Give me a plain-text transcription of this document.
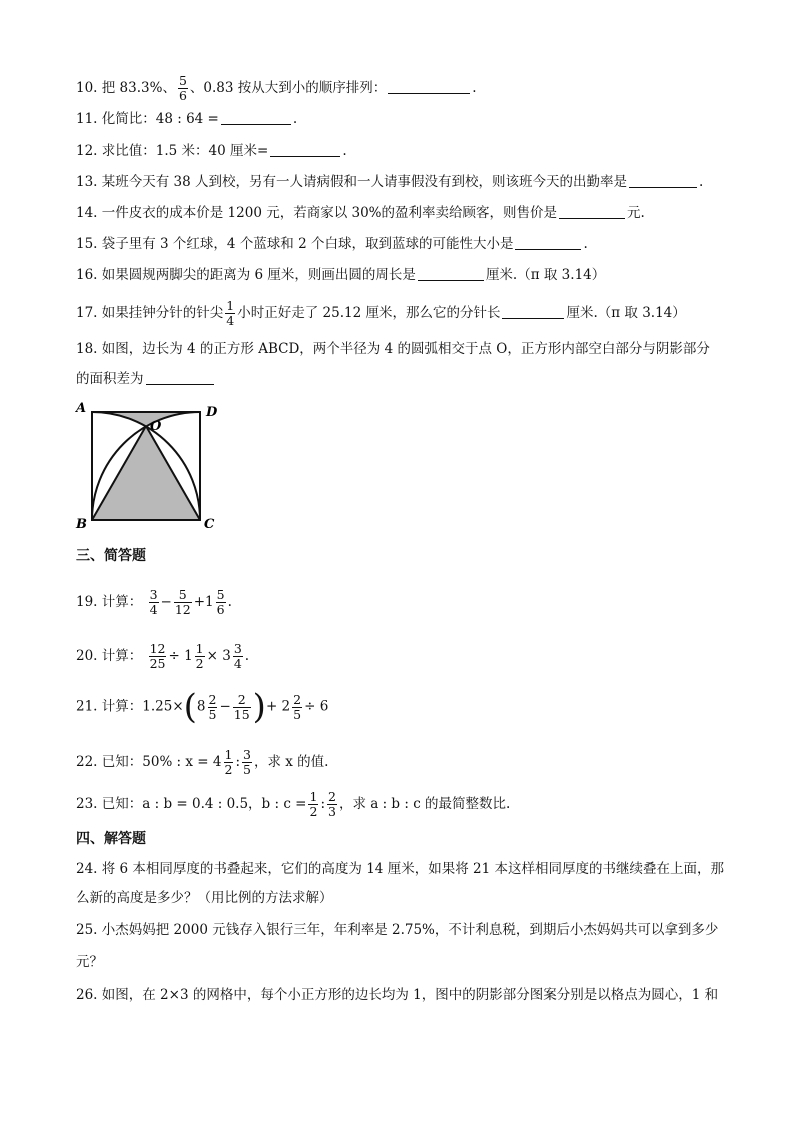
10. 把 83.3%、 $\frac{5}{6}$ 、0.83 按从大到小的顺序排列：	.
11. 化简比：48 : 64 =	.
12. 求比值：1.5 米：40 厘米=	.
13. 某班今天有 38 人到校，另有一人请病假和一人请事假没有到校，则该班今天的出勤率是	.
14. 一件皮衣的成本价是 1200 元，若商家以 30%的盈利率卖给顾客，则售价是	元.
15. 袋子里有 3 个红球，4 个蓝球和 2 个白球，取到蓝球的可能性大小是	.
16. 如果圆规两脚尖的距离为 6 厘米，则画出圆的周长是	厘米.（π 取 3.14）
17. 如果挂钟分针的针尖 $\frac{1}{4}$ 小时正好走了 25.12 厘米，那么它的分针长	厘米.（π 取 3.14）
18. 如图，边长为 4 的正方形 ABCD，两个半径为 4 的圆弧相交于点 O，正方形内部空白部分与阴影部分
的面积差为
A	D
O
B	C
三、简答题
19. 计算： $\frac{3}{4} - \frac{5}{12} +1 \frac{5}{6}$ .
20. 计算： $\frac{12}{25} \div 1 \frac{1}{2} \times 3 \frac{3}{4}$ .
21. 计算：$1.25\times(8 \frac{2}{5} - \frac{2}{15}$ )+ $2 \frac{2}{5} \div 6$
22. 已知：50% : $x = 4 \frac{1}{2}$ : $\frac{3}{5}$ ，求 x 的值.
23. 已知：a : b = 0.4 : 0.5，b : $c = \frac{1}{2}$ : $\frac{2}{3}$ ，求 a : b : c 的最简整数比.
四、解答题
24. 将 6 本相同厚度的书叠起来，它们的高度为 14 厘米，如果将 21 本这样相同厚度的书继续叠在上面，那
么新的高度是多少？（用比例的方法求解）
25. 小杰妈妈把 2000 元钱存入银行三年，年利率是 2.75%，不计利息税，到期后小杰妈妈共可以拿到多少
元？
26. 如图，在 2×3 的网格中，每个小正方形的边长均为 1，图中的阴影部分图案分别是以格点为圆心，1 和
